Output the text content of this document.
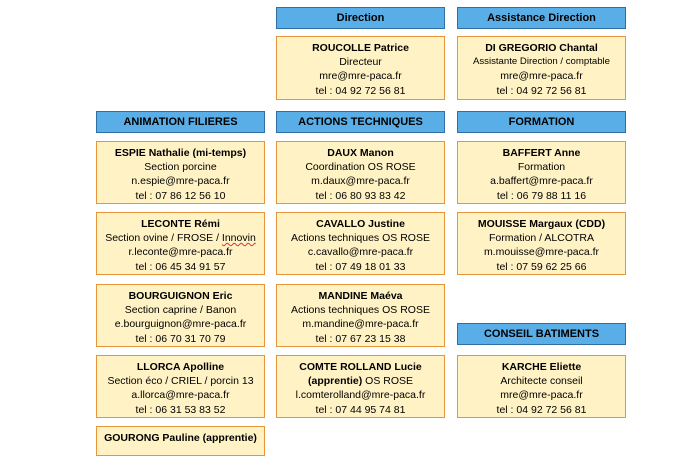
Direction	Assistance Direction
ANIMATION FILIERES	ACTIONS TECHNIQUES	FORMATION
CONSEIL BATIMENTS
ROUCOLLE Patrice
Directeur
mre@mre-paca.fr
tel : 04 92 72 56 81
DI GREGORIO Chantal
Assistante Direction / comptable
mre@mre-paca.fr
tel : 04 92 72 56 81
ESPIE Nathalie (mi-temps)
Section porcine
n.espie@mre-paca.fr
tel : 07 86 12 56 10
LECONTE Rémi
Section ovine / FROSE / Innovin
r.leconte@mre-paca.fr
tel : 06 45 34 91 57
BOURGUIGNON Eric
Section caprine / Banon
e.bourguignon@mre-paca.fr
tel : 06 70 31 70 79
LLORCA Apolline
Section éco / CRIEL / porcin 13
a.llorca@mre-paca.fr
tel : 06 31 53 83 52
GOURONG Pauline (apprentie)
DAUX Manon
Coordination OS ROSE
m.daux@mre-paca.fr
tel : 06 80 93 83 42
CAVALLO Justine
Actions techniques OS ROSE
c.cavallo@mre-paca.fr
tel : 07 49 18 01 33
MANDINE Maéva
Actions techniques OS ROSE
m.mandine@mre-paca.fr
tel : 07 67 23 15 38
COMTE ROLLAND Lucie
(apprentie) OS ROSE
l.comterolland@mre-paca.fr
tel : 07 44 95 74 81
BAFFERT Anne
Formation
a.baffert@mre-paca.fr
tel : 06 79 88 11 16
MOUISSE Margaux (CDD)
Formation / ALCOTRA
m.mouisse@mre-paca.fr
tel : 07 59 62 25 66
KARCHE Eliette
Architecte conseil
mre@mre-paca.fr
tel : 04 92 72 56 81
